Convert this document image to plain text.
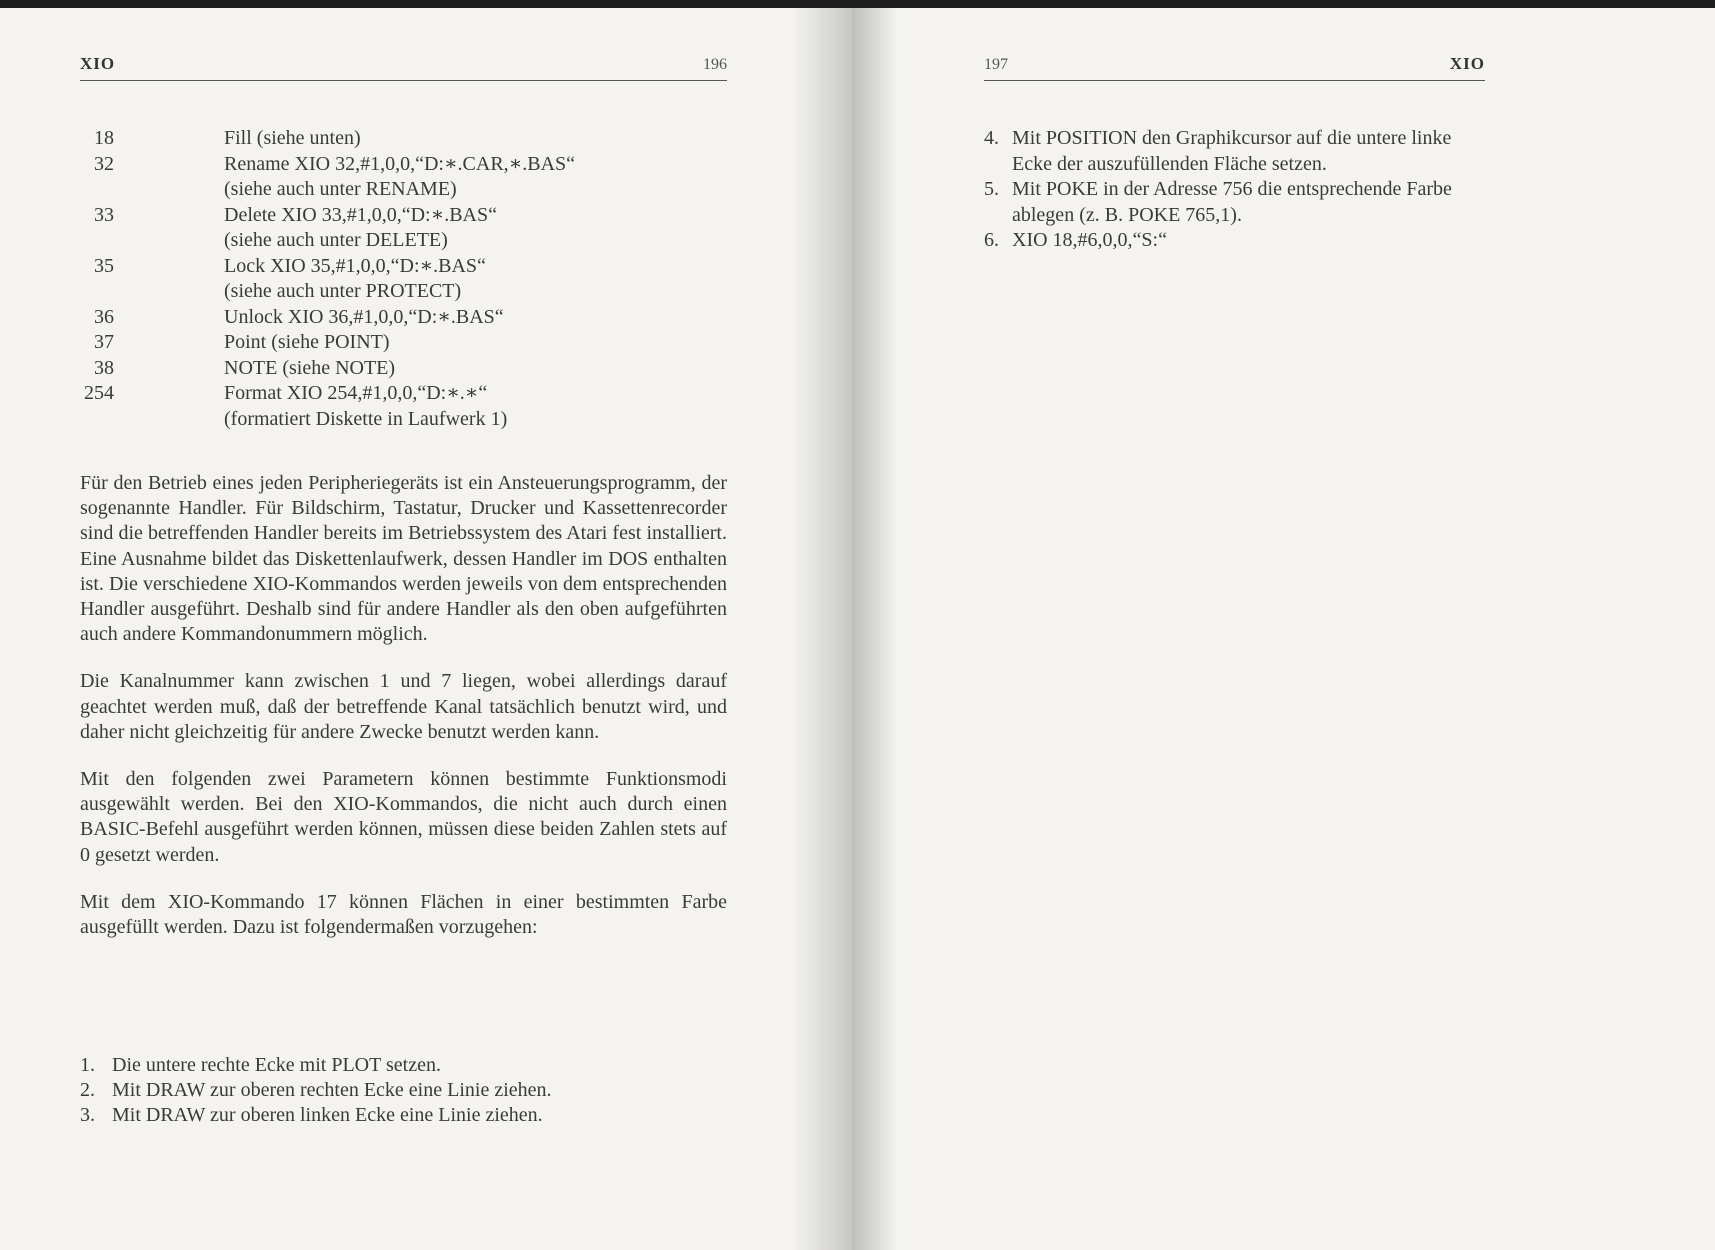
XIO	196
18	Fill (siehe unten)
32	Rename XIO 32,#1,0,0,“D:∗.CAR,∗.BAS“
(siehe auch unter RENAME)
33	Delete XIO 33,#1,0,0,“D:∗.BAS“
(siehe auch unter DELETE)
35	Lock XIO 35,#1,0,0,“D:∗.BAS“
(siehe auch unter PROTECT)
36	Unlock XIO 36,#1,0,0,“D:∗.BAS“
37	Point (siehe POINT)
38	NOTE (siehe NOTE)
254	Format XIO 254,#1,0,0,“D:∗.∗“
(formatiert Diskette in Laufwerk 1)

Für den Betrieb eines jeden Peripheriegeräts ist ein Ansteuerungsprogramm, der sogenannte Handler. Für Bildschirm, Tastatur, Drucker und Kassettenrecorder sind die betreffenden Handler bereits im Betriebssystem des Atari fest installiert. Eine Ausnahme bildet das Diskettenlaufwerk, dessen Handler im DOS enthalten ist. Die verschiedene XIO-Kommandos werden jeweils von dem entsprechenden Handler ausgeführt. Deshalb sind für andere Handler als den oben aufgeführten auch andere Kommandonummern möglich.

Die Kanalnummer kann zwischen 1 und 7 liegen, wobei allerdings darauf geachtet werden muß, daß der betreffende Kanal tatsächlich benutzt wird, und daher nicht gleichzeitig für andere Zwecke benutzt werden kann.

Mit den folgenden zwei Parametern können bestimmte Funktionsmodi ausgewählt werden. Bei den XIO-Kommandos, die nicht auch durch einen BASIC-Befehl ausgeführt werden können, müssen diese beiden Zahlen stets auf 0 gesetzt werden.

Mit dem XIO-Kommando 17 können Flächen in einer bestimmten Farbe ausgefüllt werden. Dazu ist folgendermaßen vorzugehen:

1. Die untere rechte Ecke mit PLOT setzen.
2. Mit DRAW zur oberen rechten Ecke eine Linie ziehen.
3. Mit DRAW zur oberen linken Ecke eine Linie ziehen.
197	XIO
4. Mit POSITION den Graphikcursor auf die untere linke Ecke der auszufüllenden Fläche setzen.
5. Mit POKE in der Adresse 756 die entsprechende Farbe ablegen (z. B. POKE 765,1).
6. XIO 18,#6,0,0,“S:“
